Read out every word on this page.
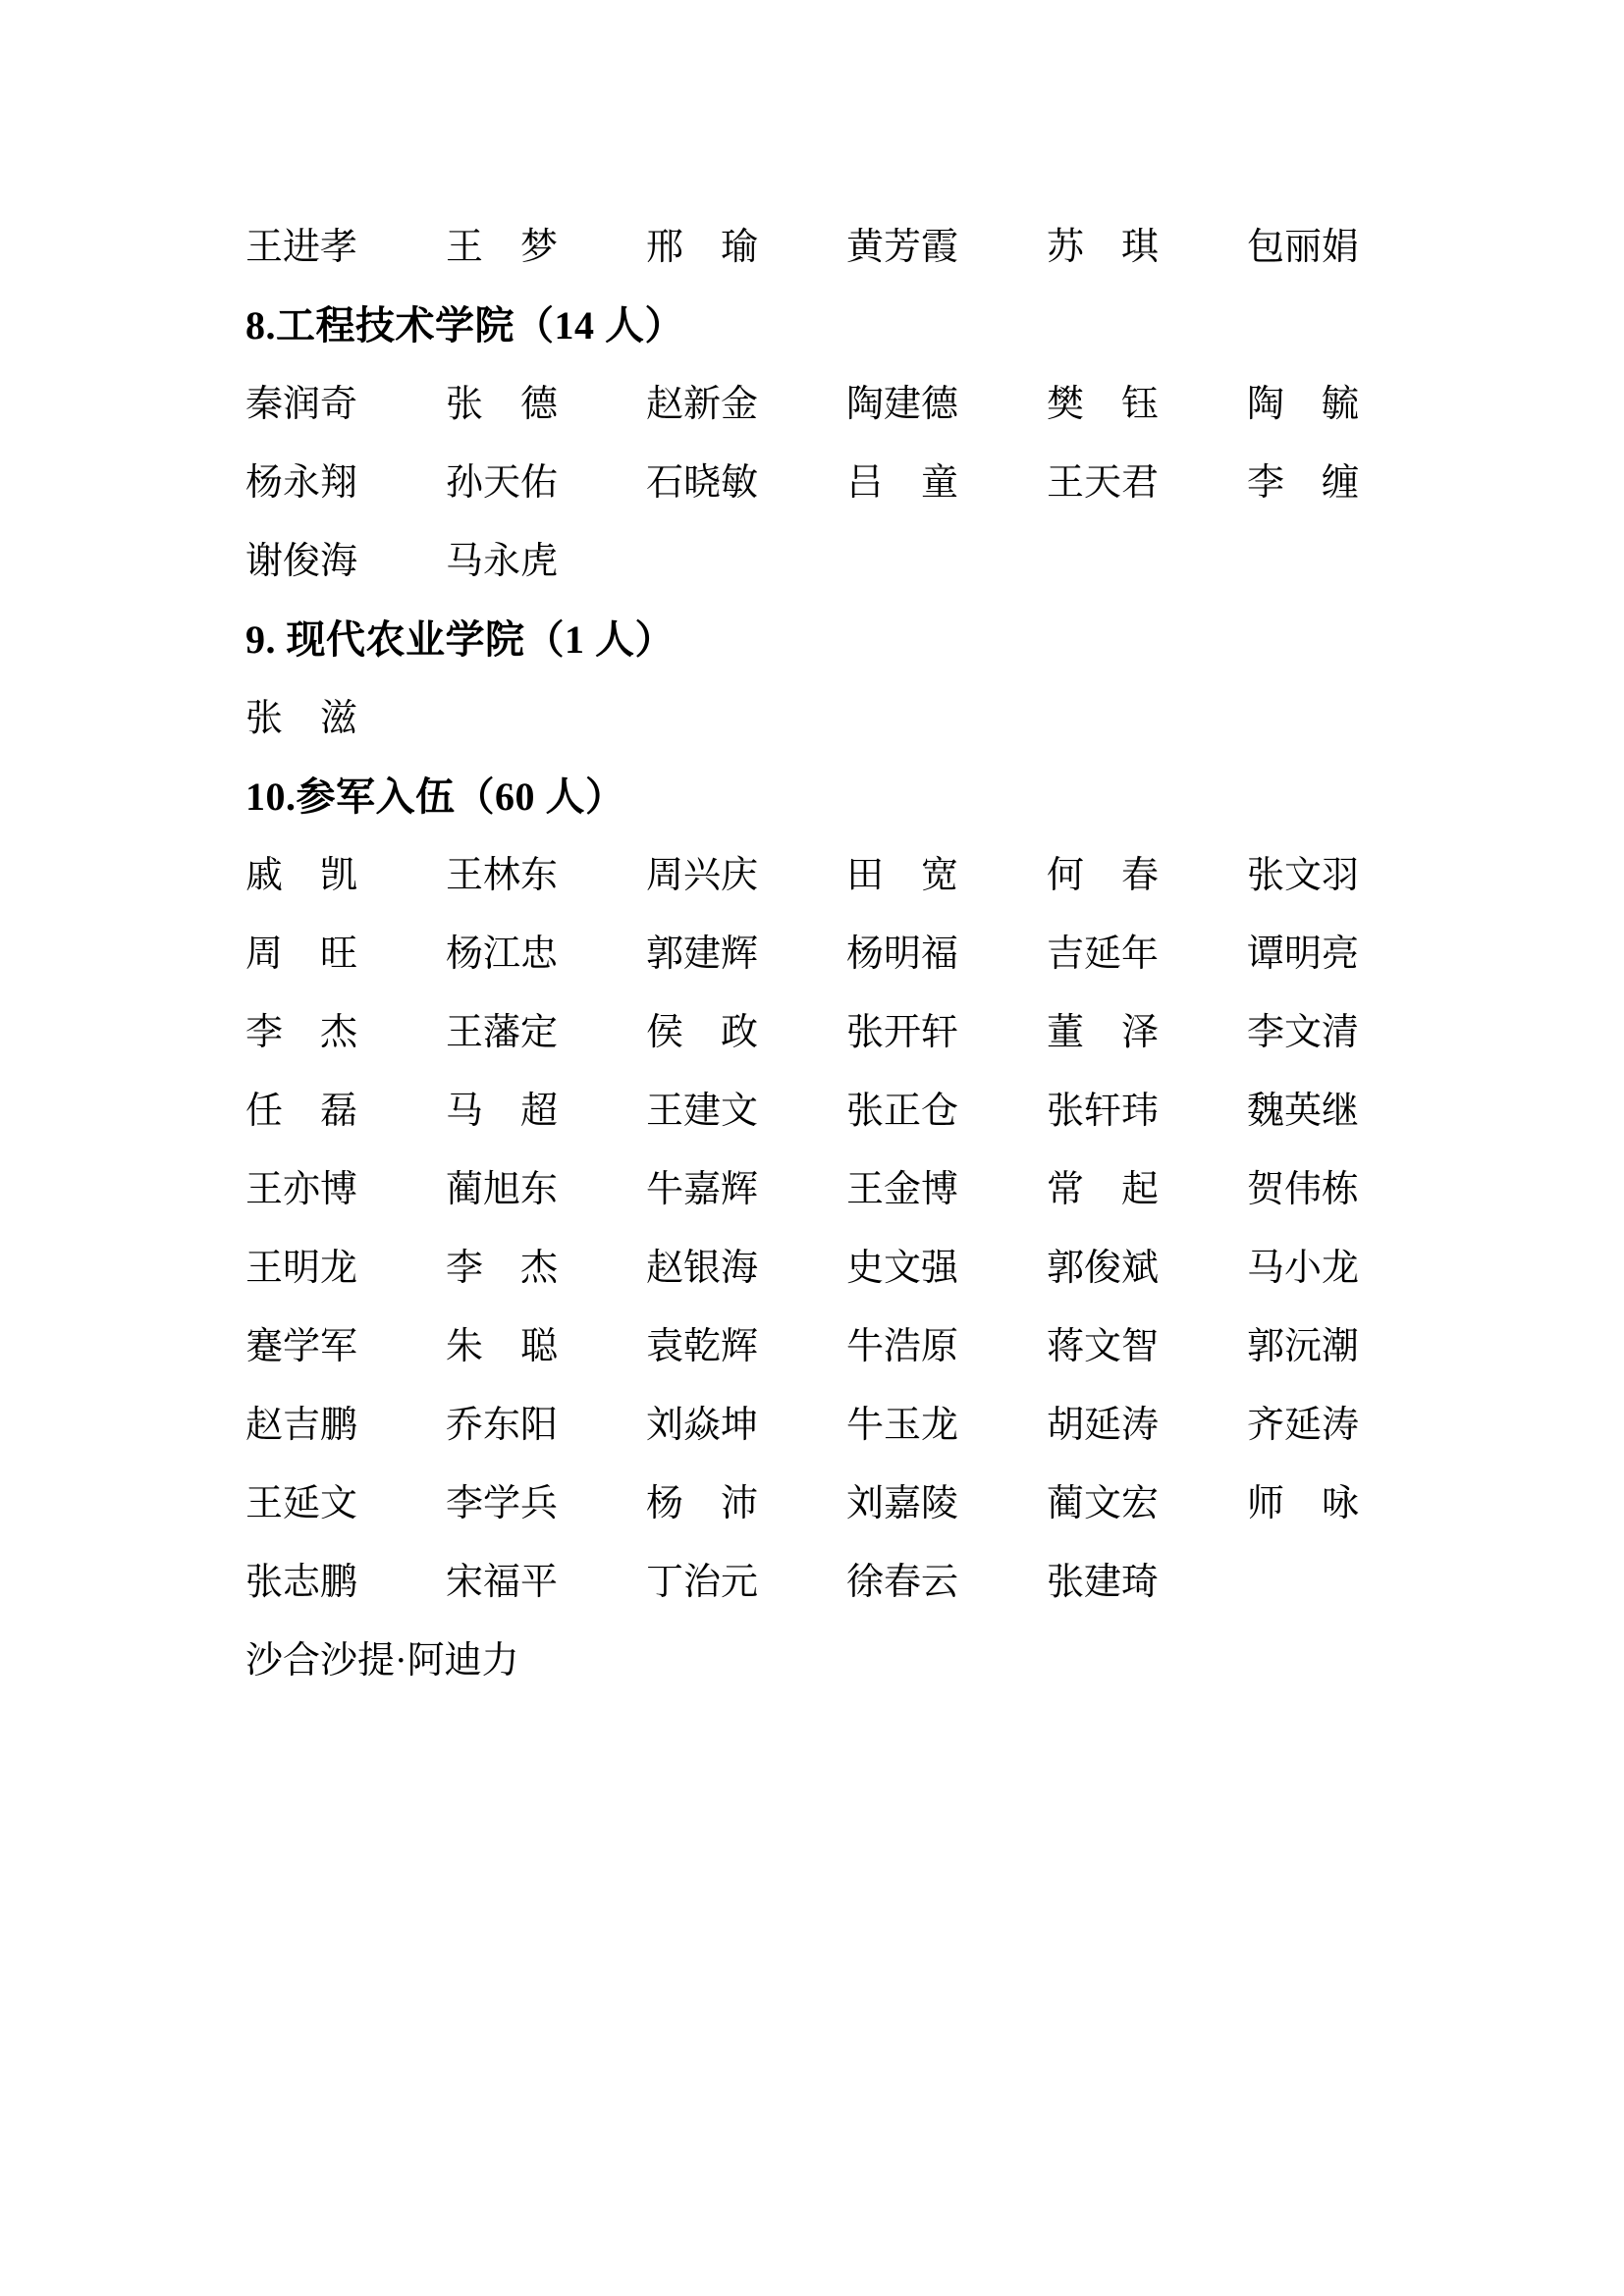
王进孝	王　梦	邢　瑜	黄芳霞	苏　琪	包丽娟
8.工程技术学院（14 人）
秦润奇	张　德	赵新金	陶建德	樊　钰	陶　毓
杨永翔	孙天佑	石晓敏	吕　童	王天君	李　缠
谢俊海	马永虎
9. 现代农业学院（1 人）
张　滋
10.参军入伍（60 人）
戚　凯	王林东	周兴庆	田　宽	何　春	张文羽
周　旺	杨江忠	郭建辉	杨明福	吉延年	谭明亮
李　杰	王藩定	侯　政	张开轩	董　泽	李文清
任　磊	马　超	王建文	张正仓	张轩玮	魏英继
王亦博	蔺旭东	牛嘉辉	王金博	常　起	贺伟栋
王明龙	李　杰	赵银海	史文强	郭俊斌	马小龙
蹇学军	朱　聪	袁乾辉	牛浩原	蒋文智	郭沅潮
赵吉鹏	乔东阳	刘焱坤	牛玉龙	胡延涛	齐延涛
王延文	李学兵	杨　沛	刘嘉陵	蔺文宏	师　咏
张志鹏	宋福平	丁治元	徐春云	张建琦
沙合沙提·阿迪力
